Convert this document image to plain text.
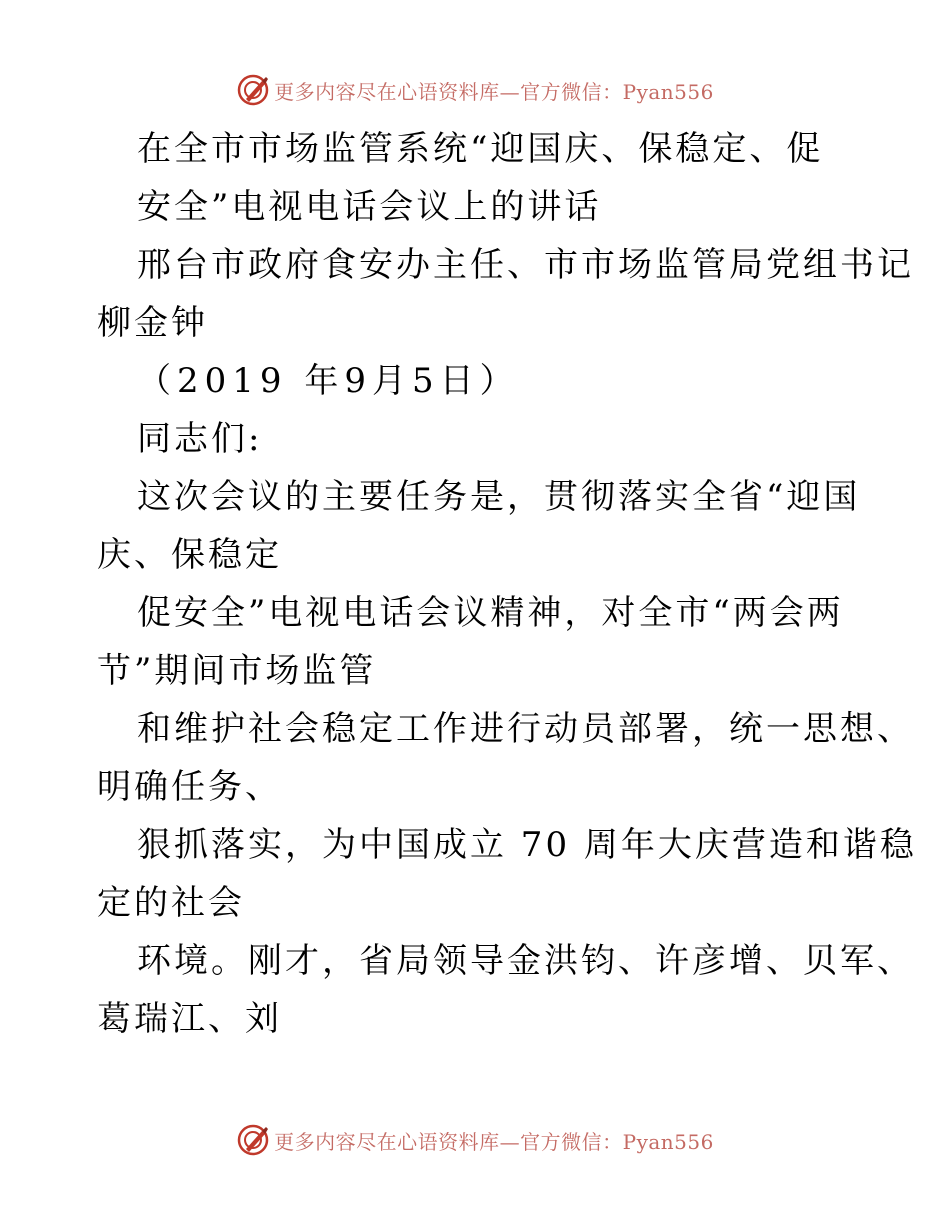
更多内容尽在心语资料库—官方微信：Pyan556
在全市市场监管系统“迎国庆、保稳定、促
安全”电视电话会议上的讲话
邢台市政府食安办主任、市市场监管局党组书记
柳金钟
（2019 年9月5日）
同志们:
这次会议的主要任务是，贯彻落实全省“迎国
庆、保稳定
促安全”电视电话会议精神，对全市“两会两
节”期间市场监管
和维护社会稳定工作进行动员部署，统一思想、
明确任务、
狠抓落实，为中国成立 70 周年大庆营造和谐稳
定的社会
环境。刚才，省局领导金洪钧、许彦增、贝军、
葛瑞江、刘
更多内容尽在心语资料库—官方微信：Pyan556
